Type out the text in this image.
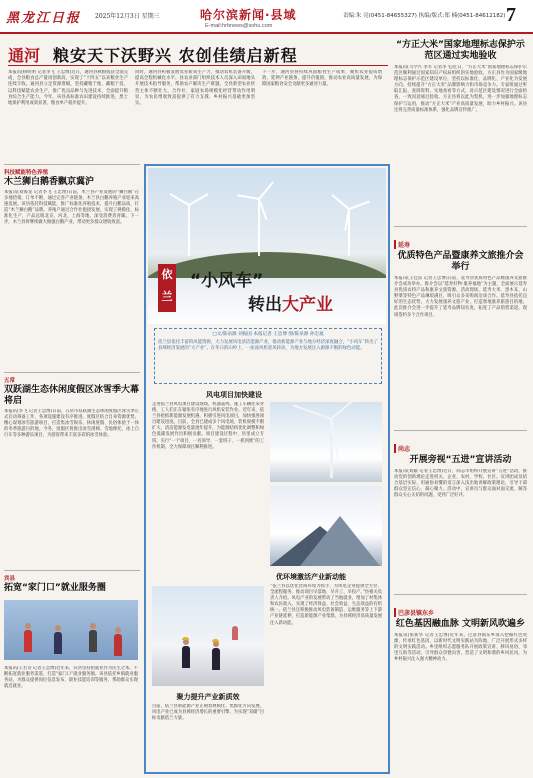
黑龙江日报 2025年12月3日 星期三	哈尔滨新闻·县域
E-mail:hrbnews@sohu.com
责编:朱 亮(0451-84655327) 执编/版式:郑 楠(0451-84612182) 7
通河 粮安天下沃野兴 农创佳绩启新程
本报讯(杨明明 记者李飞 王忠博)近日，通河县秋粮收获全面完成，全县粮食总产量再创新高，实现了“十四五”以来粮食生产连续丰收。通河县立足资源禀赋，坚持藏粮于地、藏粮于技，以科技赋能农业生产，推广优良品种与先进技术，全面提升粮食综合生产能力。今年，该县高标准农田建设持续推进，黑土地保护利用成效显著，粮食单产稳步提升。
同时，通河县积极发展农业新质生产力，推动农机装备升级，提高全程机械化水平。县农业部门组织技术人员深入田间地头开展技术指导服务，帮助农户解决生产难题。全县新型农业经营主体不断壮大，合作社、家庭农场规模化经营带动作用明显，为农民增收致富提供了有力支撑，乡村振兴基础更加坚实。
下一步，通河县将持续巩固粮食生产成果，聚焦农业提质增效，延伸产业链条，提升价值链，推动农业高质量发展，为保障国家粮食安全贡献更多通河力量。
“方正大米”国家地理标志保护示范区通过实地验收
本报讯(马学兴 李军 记者李飞)近日，“方正大米”国家地理标志保护示范区顺利通过国家知识产权局组织的实地验收。方正县作为国家级地理标志保护示范区建设单位，坚持以标准化、品牌化、产业化为发展方向，持续提升“方正大米”品牌影响力和市场竞争力。专家组通过听取汇报、查阅资料、实地查看等方式，对示范区建设情况进行全面检查，一致同意通过验收。方正县将以此为契机，进一步加强地理标志保护与运用，推动“方正大米”产业高质量发展，助力乡村振兴。该县还将完善质量标准体系，强化品牌宣传推广。
延寿
优质特色产品暨康养文旅推介会举行
本报讯(王佳雷 记者王忠博)日前，延寿县优质特色产品暨康养文旅推介会成功举办。推介会以“延寿好物·康养福地”为主题，全面展示延寿县优质农特产品和康养文旅资源。活动现场，延寿大米、黑木耳、山野菜等特色产品琳琅满目，吸引众多采购商洽谈合作。延寿县依托良好的生态优势，大力发展康养文旅产业，打造寒地康养旅游目的地。此次推介会进一步提升了延寿品牌知名度，拓宽了产品销售渠道，现场签约多个合作项目。
尚志
开展旁视“五进”宣讲活动
本报讯(刘颖 记者王忠博)近日，尚志市组织开展宣讲“五进”活动，推动党的创新理论走进机关、企业、农村、学校、社区。宣讲团成员结合基层实际，用通俗易懂的语言深入浅出地讲解政策理论，引导干部群众坚定信心、凝心聚力。活动中，宣讲员与群众面对面交流，解答群众关心关切的问题，受到广泛好评。
巴彦县镇东乡
红色基因融血脉 文明新风吹遍乡
本报讯(张新华 记者王忠博)近年来，巴彦县镇东乡深入挖掘红色资源，传承红色基因，以新时代文明实践站为阵地，广泛开展形式多样的文明实践活动。乡里组织志愿服务队开展政策宣讲、移风易俗、邻里互助等活动，引导群众崇德向善，营造了文明和谐的乡风民风，为乡村振兴注入强大精神动力。
科技赋能特色养殖
木兰狮白鹅香飘京冀沪
本报讯(刘海龙 记者李飞 王忠博)日前，木兰县产业发展的“狮白鹅”在多地热销，订单不断，通过完善产业链条，木兰县白鹅养殖产业迎来高速发展。该县依托科技赋能，推广标准化养殖技术，提升白鹅品质，打造“木兰狮白鹅”品牌。养殖户通过合作社抱团发展，实现了规模化、标准化生产，产品远销北京、河北、上海等地，深受消费者青睐。下一步，木兰县将继续做大做强白鹅产业，带动更多群众增收致富。
五常
双跃湖生态休闲度假区冰雪季大幕将启
本报讯(李飞 记者王忠博)日前，五常市双跃湖生态休闲度假区冰雪季正式启动筹备工作，各项设施建设有序推进。度假区结合自身资源优势，精心谋划冰雪旅游项目，打造集冰雪娱乐、休闲度假、民俗体验于一体的冬季旅游目的地。今冬，度假区将推出冰雪滑梯、雪地摩托、冰上自行车等多种游乐项目，为游客带来丰富多彩的冰雪体验。
宾县
拓宽“家门口”就业服务圈
本报讯(王若诗 记者王忠博)近年来，宾县坚持把就业作为民生之本，不断拓宽就业服务渠道，打造“家门口”就业服务圈。该县依托乡镇就业服务站，为群众提供岗位信息发布、职业技能培训等服务，帮助群众实现就近就业。
依兰
“小风车”
转出大产业
□文/陈泉源 刘振国 本报记者 王忠博 图/陈泉源 孙宏福
依兰县依托丰富的风能资源，大力发展风电清洁能源产业，推动新能源产业与地方经济深度融合，“小风车”转出了县域经济发展的“大产业”。在冬日的山岭上，一座座风机迎风转动，为地方发展注入源源不断的绿色动能。
风电项目加快建设
走进依兰县风电项目建设现场，机器轰鸣，施工车辆往来穿梭，工人们正在紧张有序地进行风机安装作业。近年来，依兰县抢抓新能源发展机遇，积极引进风电项目，加快推进项目建设进度。目前，全县已建成多个风电场，装机规模不断扩大，清洁能源发电量逐年提升，为能源结构优化调整和绿色低碳发展作出积极贡献。项目建设过程中，县里成立专班，实行“一个项目、一名领导、一套班子、一抓到底”的工作机制，全力保障项目顺利推进。
优环境激活产业新动能
“依兰县以优化营商环境为抓手，为风电企业提供全方位、全流程服务，推动项目早落地、早开工、早投产。”县相关负责人介绍。风电产业的发展带动了当地就业，增加了村集体和农民收入，实现了经济效益、社会效益、生态效益的有机统一。依兰县还积极推动风电装备制造、运维服务等上下游产业链延伸，打造新能源产业集群，为县域经济高质量发展注入新动能。
聚力提升产业新质效
目前，依兰县新能源产业正朝着规模化、集群化方向发展，风电产业已成为县域经济增长的重要引擎，为实现“双碳”目标贡献依兰力量。
